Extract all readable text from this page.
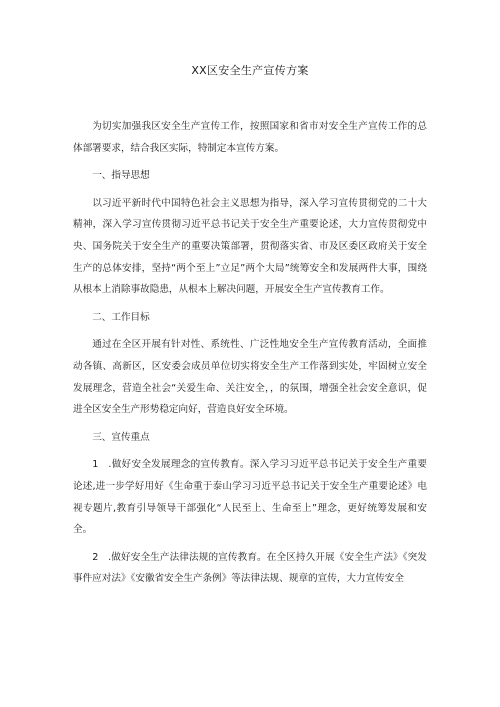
XX区安全生产宣传方案

为切实加强我区安全生产宣传工作，按照国家和省市对安全生产宣传工作的总体部署要求，结合我区实际，特制定本宣传方案。

一、指导思想

以习近平新时代中国特色社会主义思想为指导，深入学习宣传贯彻党的二十大精神，深入学习宣传贯彻习近平总书记关于安全生产重要论述，大力宣传贯彻党中央、国务院关于安全生产的重要决策部署，贯彻落实省、市及区委区政府关于安全生产的总体安排，坚持“两个至上”立足”两个大局”统筹安全和发展两件大事，围绕从根本上消除事故隐患，从根本上解决问题，开展安全生产宣传教育工作。

二、工作目标

通过在全区开展有针对性、系统性、广泛性地安全生产宣传教育活动，全面推动各镇、高新区，区安委会成员单位切实将安全生产工作落到实处，牢固树立安全发展理念，营造全社会“关爱生命、关注安全，，的氛围，增强全社会安全意识，促进全区安全生产形势稳定向好，营造良好安全环境。

三、宣传重点

1　.做好安全发展理念的宣传教育。深入学习习近平总书记关于安全生产重要论述,进一步学好用好《生命重于泰山学习习近平总书记关于安全生产重要论述》电视专题片,教育引导领导干部强化“人民至上、生命至上”理念，更好统筹发展和安全。

2　.做好安全生产法律法规的宣传教育。在全区持久开展《安全生产法》《突发事件应对法》《安徽省安全生产条例》等法律法规、规章的宣传，大力宣传安全
